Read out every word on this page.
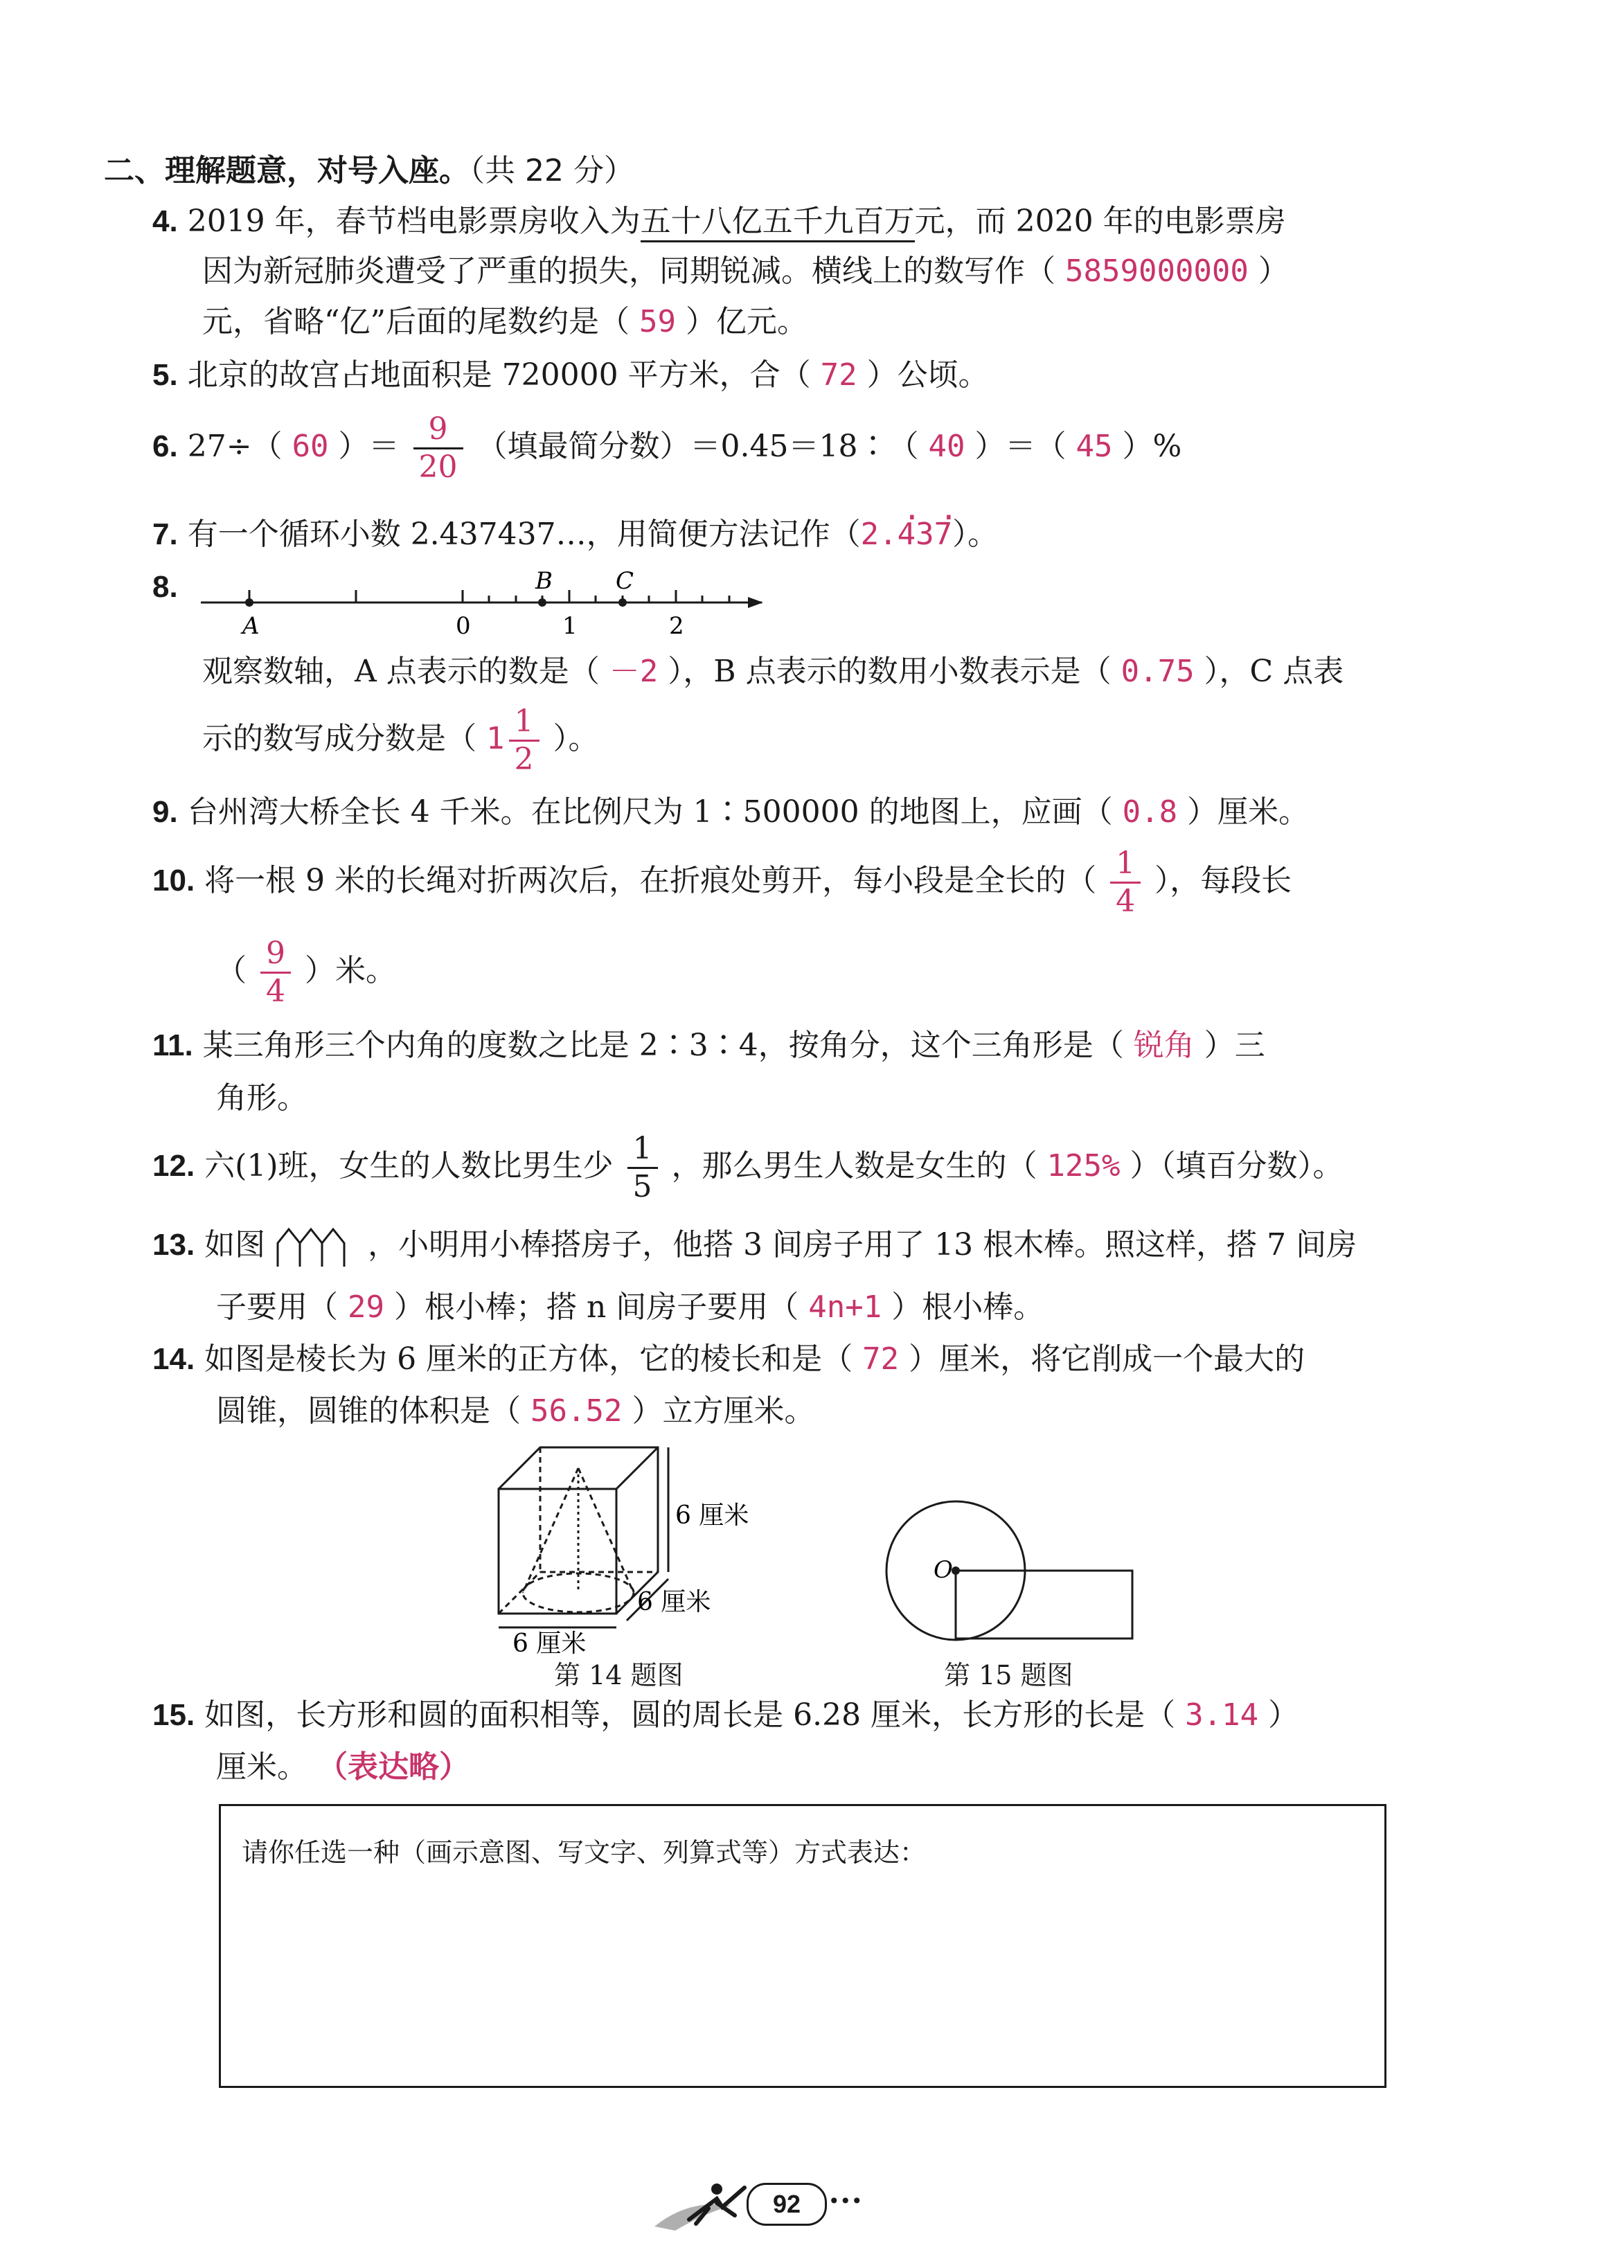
二、理解题意，对号入座。（共 22 分）
4. 2019 年，春节档电影票房收入为五十八亿五千九百万元，而 2020 年的电影票房
因为新冠肺炎遭受了严重的损失，同期锐减。横线上的数写作（ 5859000000 ）
元，省略“亿”后面的尾数约是（ 59 ）亿元。
5. 北京的故宫占地面积是 720000 平方米，合（ 72 ）公顷。
6. 27÷（ 60 ）＝ $\frac{9}{20}$ （填最简分数）＝0.45＝18∶（ 40 ）＝（ 45 ）%
7. 有一个循环小数 2.437437…，用简便方法记作（2.. 43. 7）。
8.
A
B	C
0	1	2
观察数轴，A 点表示的数是（ －2 ），B 点表示的数用小数表示是（ 0.75 ），C 点表
示的数写成分数是（ $1 \frac{1}{2}$ ）。
9. 台州湾大桥全长 4 千米。在比例尺为 1∶500000 的地图上，应画（ 0.8 ）厘米。
10. 将一根 9 米的长绳对折两次后，在折痕处剪开，每小段是全长的（ $\frac{1}{4}$ ），每段长
（ $\frac{9}{4}$ ）米。
11. 某三角形三个内角的度数之比是 2∶3∶4，按角分，这个三角形是（ 锐角 ）三
角形。
12. 六(1)班，女生的人数比男生少 $\frac{1}{5}$ ，那么男生人数是女生的（ 125% ）（填百分数）。
13. 如图	，小明用小棒搭房子，他搭 3 间房子用了 13 根木棒。照这样，搭 7 间房
子要用（ 29 ）根小棒；搭 n 间房子要用（ 4n+1 ）根小棒。
14. 如图是棱长为 6 厘米的正方体，它的棱长和是（ 72 ）厘米，将它削成一个最大的
圆锥，圆锥的体积是（ 56.52 ）立方厘米。
6 厘米
6 厘米
6 厘米
第 14 题图
O
第 15 题图
15. 如图，长方形和圆的面积相等，圆的周长是 6.28 厘米，长方形的长是（ 3.14 ）
厘米。 （表达略）
请你任选一种（画示意图、写文字、列算式等）方式表达：
92	•••
